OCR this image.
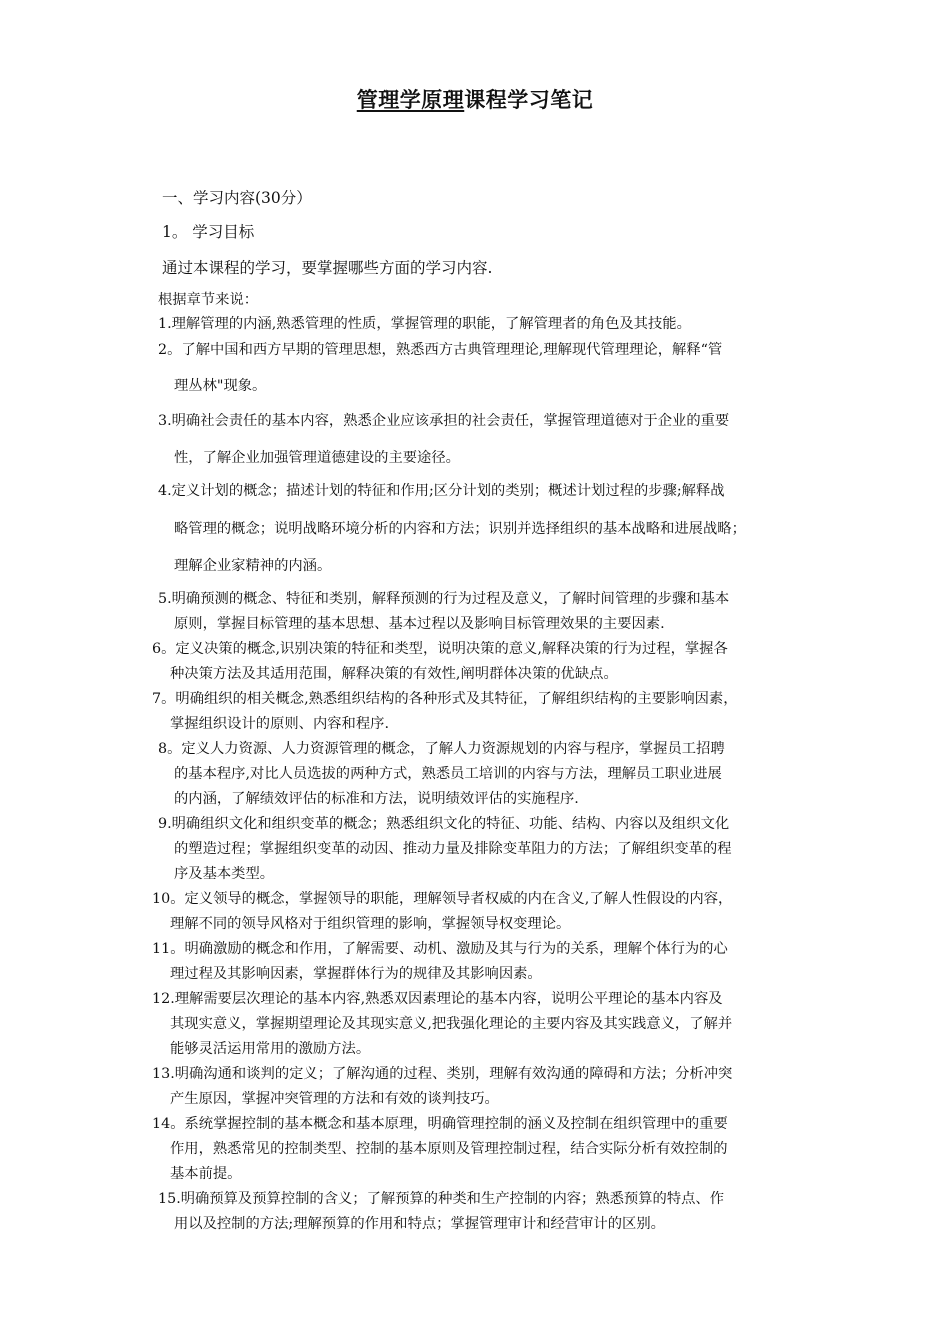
管理学原理课程学习笔记
一、学习内容(30分）
1。 学习目标
通过本课程的学习，要掌握哪些方面的学习内容.
根据章节来说：
1.理解管理的内涵,熟悉管理的性质，掌握管理的职能，了解管理者的角色及其技能。
2。了解中国和西方早期的管理思想，熟悉西方古典管理理论,理解现代管理理论，解释“管
理丛林"现象。
3.明确社会责任的基本内容，熟悉企业应该承担的社会责任，掌握管理道德对于企业的重要
性，了解企业加强管理道德建设的主要途径。
4.定义计划的概念；描述计划的特征和作用;区分计划的类别；概述计划过程的步骤;解释战
略管理的概念；说明战略环境分析的内容和方法；识别并选择组织的基本战略和进展战略；
理解企业家精神的内涵。
5.明确预测的概念、特征和类别，解释预测的行为过程及意义，了解时间管理的步骤和基本
原则，掌握目标管理的基本思想、基本过程以及影响目标管理效果的主要因素.
6。定义决策的概念,识别决策的特征和类型，说明决策的意义,解释决策的行为过程，掌握各
种决策方法及其适用范围，解释决策的有效性,阐明群体决策的优缺点。
7。明确组织的相关概念,熟悉组织结构的各种形式及其特征，了解组织结构的主要影响因素，
掌握组织设计的原则、内容和程序.
8。定义人力资源、人力资源管理的概念，了解人力资源规划的内容与程序，掌握员工招聘
的基本程序,对比人员选拔的两种方式，熟悉员工培训的内容与方法，理解员工职业进展
的内涵，了解绩效评估的标准和方法，说明绩效评估的实施程序.
9.明确组织文化和组织变革的概念；熟悉组织文化的特征、功能、结构、内容以及组织文化
的塑造过程；掌握组织变革的动因、推动力量及排除变革阻力的方法；了解组织变革的程
序及基本类型。
10。定义领导的概念，掌握领导的职能，理解领导者权威的内在含义,了解人性假设的内容，
理解不同的领导风格对于组织管理的影响，掌握领导权变理论。
11。明确激励的概念和作用，了解需要、动机、激励及其与行为的关系，理解个体行为的心
理过程及其影响因素，掌握群体行为的规律及其影响因素。
12.理解需要层次理论的基本内容,熟悉双因素理论的基本内容，说明公平理论的基本内容及
其现实意义，掌握期望理论及其现实意义,把我强化理论的主要内容及其实践意义，了解并
能够灵活运用常用的激励方法。
13.明确沟通和谈判的定义；了解沟通的过程、类别，理解有效沟通的障碍和方法；分析冲突
产生原因，掌握冲突管理的方法和有效的谈判技巧。
14。系统掌握控制的基本概念和基本原理，明确管理控制的涵义及控制在组织管理中的重要
作用，熟悉常见的控制类型、控制的基本原则及管理控制过程，结合实际分析有效控制的
基本前提。
15.明确预算及预算控制的含义；了解预算的种类和生产控制的内容；熟悉预算的特点、作
用以及控制的方法;理解预算的作用和特点；掌握管理审计和经营审计的区别。
